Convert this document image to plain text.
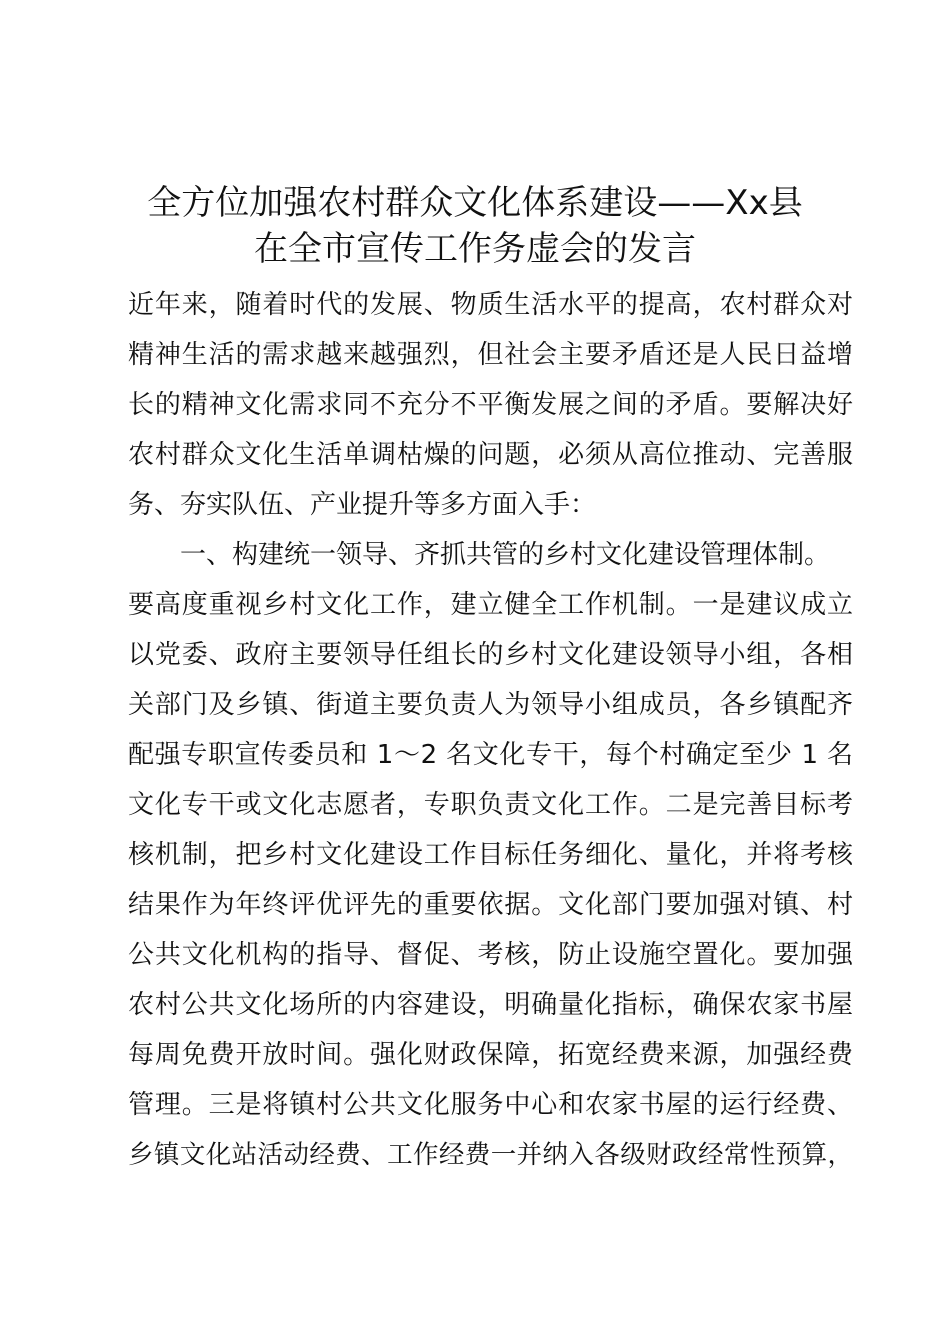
全方位加强农村群众文化体系建设——Xx县
在全市宣传工作务虚会的发言
近年来，随着时代的发展、物质生活水平的提高，农村群众对
精神生活的需求越来越强烈，但社会主要矛盾还是人民日益增
长的精神文化需求同不充分不平衡发展之间的矛盾。要解决好
农村群众文化生活单调枯燥的问题，必须从高位推动、完善服
务、夯实队伍、产业提升等多方面入手：
一、构建统一领导、齐抓共管的乡村文化建设管理体制。
要高度重视乡村文化工作，建立健全工作机制。一是建议成立
以党委、政府主要领导任组长的乡村文化建设领导小组，各相
关部门及乡镇、街道主要负责人为领导小组成员，各乡镇配齐
配强专职宣传委员和 1～2 名文化专干，每个村确定至少 1 名
文化专干或文化志愿者，专职负责文化工作。二是完善目标考
核机制，把乡村文化建设工作目标任务细化、量化，并将考核
结果作为年终评优评先的重要依据。文化部门要加强对镇、村
公共文化机构的指导、督促、考核，防止设施空置化。要加强
农村公共文化场所的内容建设，明确量化指标，确保农家书屋
每周免费开放时间。强化财政保障，拓宽经费来源，加强经费
管理。三是将镇村公共文化服务中心和农家书屋的运行经费、
乡镇文化站活动经费、工作经费一并纳入各级财政经常性预算，
